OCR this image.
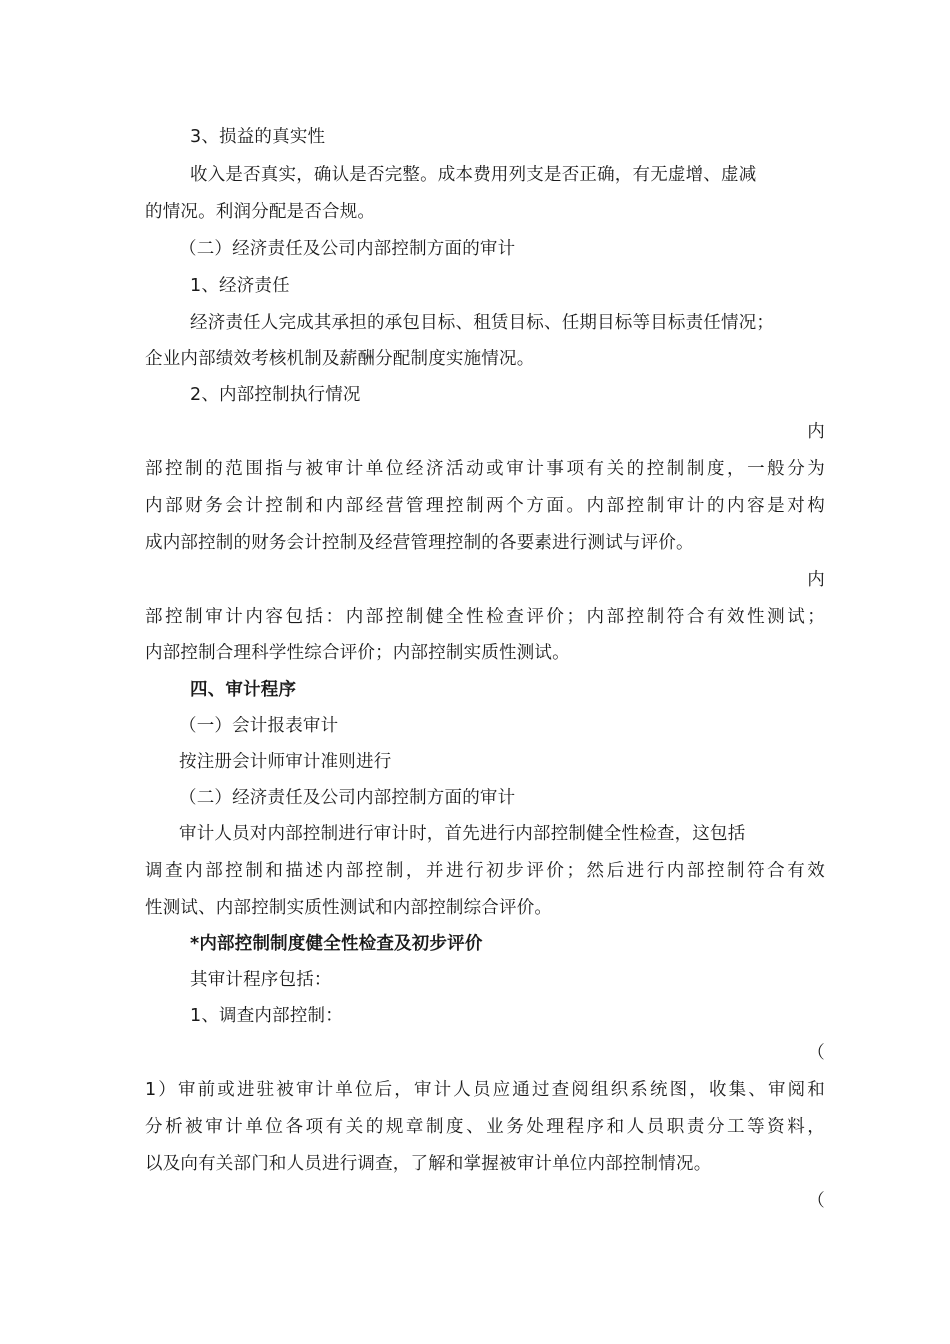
3、损益的真实性
收入是否真实，确认是否完整。成本费用列支是否正确，有无虚增、虚减
的情况。利润分配是否合规。
（二）经济责任及公司内部控制方面的审计
1、经济责任
经济责任人完成其承担的承包目标、租赁目标、任期目标等目标责任情况；
企业内部绩效考核机制及薪酬分配制度实施情况。
2、内部控制执行情况
内
部控制的范围指与被审计单位经济活动或审计事项有关的控制制度，一般分为
内部财务会计控制和内部经营管理控制两个方面。内部控制审计的内容是对构
成内部控制的财务会计控制及经营管理控制的各要素进行测试与评价。
内
部控制审计内容包括：内部控制健全性检查评价；内部控制符合有效性测试；
内部控制合理科学性综合评价；内部控制实质性测试。
四、审计程序
（一）会计报表审计
按注册会计师审计准则进行
（二）经济责任及公司内部控制方面的审计
审计人员对内部控制进行审计时，首先进行内部控制健全性检查，这包括
调查内部控制和描述内部控制，并进行初步评价；然后进行内部控制符合有效
性测试、内部控制实质性测试和内部控制综合评价。
*内部控制制度健全性检查及初步评价
其审计程序包括：
1、调查内部控制：
（
1）审前或进驻被审计单位后，审计人员应通过查阅组织系统图，收集、审阅和
分析被审计单位各项有关的规章制度、业务处理程序和人员职责分工等资料，
以及向有关部门和人员进行调查，了解和掌握被审计单位内部控制情况。
（
